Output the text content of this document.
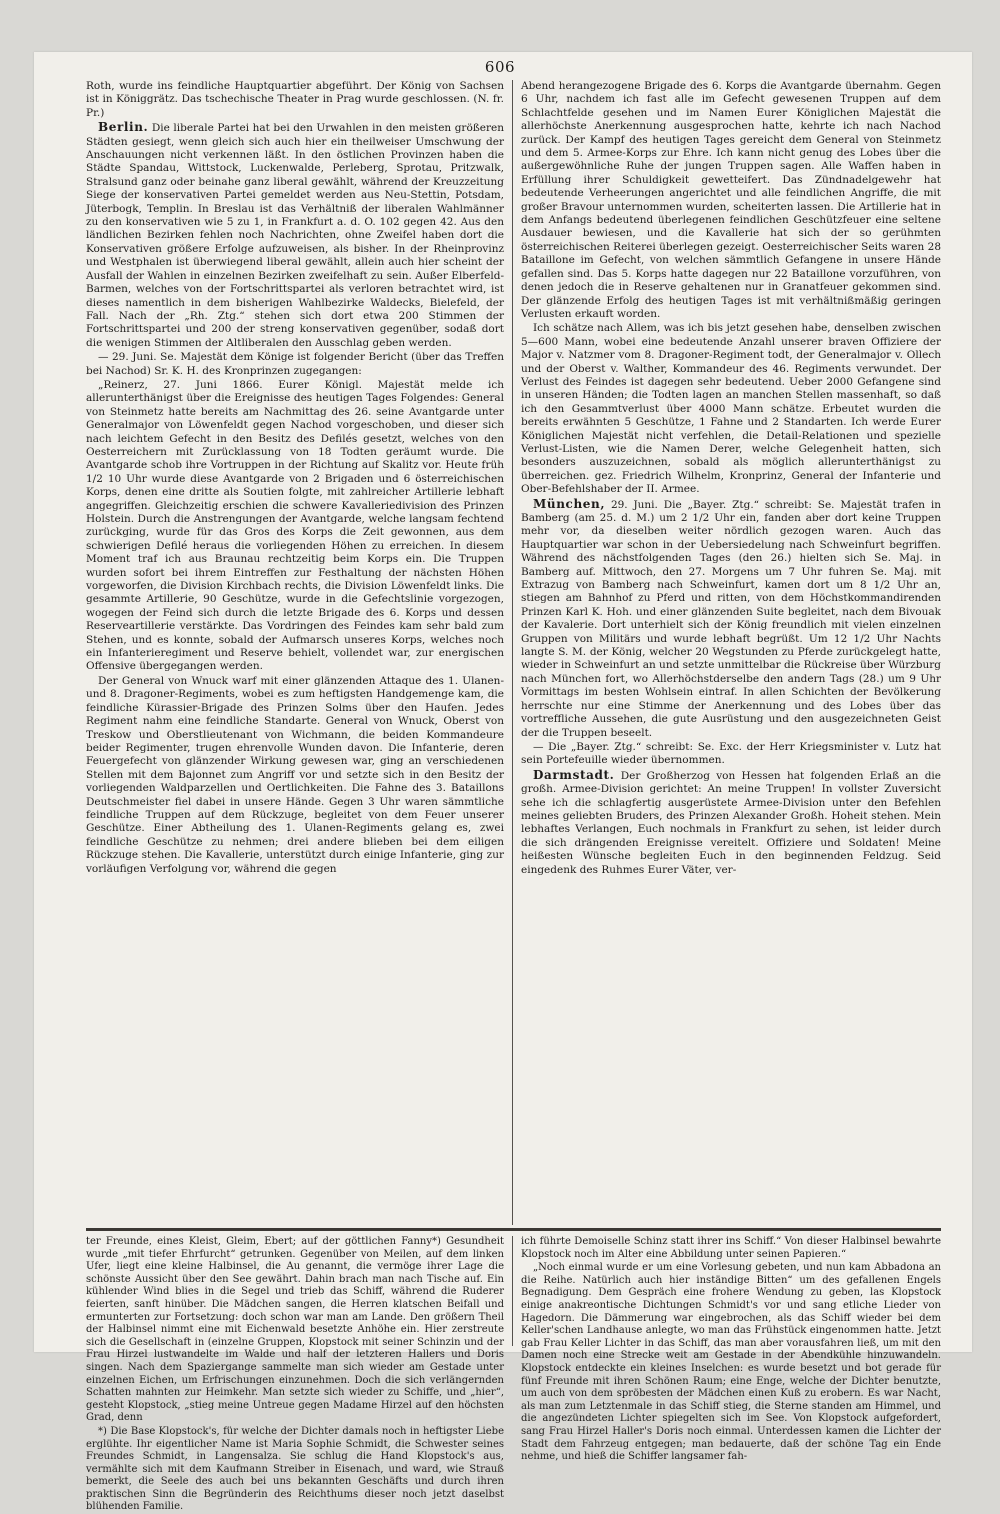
606

Roth, wurde ins feindliche Hauptquartier abgeführt. Der König von Sachsen ist in Königgrätz. Das tschechische Theater in Prag wurde geschlossen. (N. fr. Pr.)

Berlin. Die liberale Partei hat bei den Urwahlen in den meisten größeren Städten gesiegt, wenn gleich sich auch hier ein theilweiser Umschwung der Anschauungen nicht verkennen läßt. In den östlichen Provinzen haben die Städte Spandau, Wittstock, Luckenwalde, Perleberg, Sprotau, Pritzwalk, Stralsund ganz oder beinahe ganz liberal gewählt, während der Kreuzzeitung Siege der konservativen Partei gemeldet werden aus Neu-Stettin, Potsdam, Jüterbogk, Templin. In Breslau ist das Verhältniß der liberalen Wahlmänner zu den konservativen wie 5 zu 1, in Frankfurt a. d. O. 102 gegen 42. Aus den ländlichen Bezirken fehlen noch Nachrichten, ohne Zweifel haben dort die Konservativen größere Erfolge aufzuweisen, als bisher. In der Rheinprovinz und Westphalen ist überwiegend liberal gewählt, allein auch hier scheint der Ausfall der Wahlen in einzelnen Bezirken zweifelhaft zu sein. Außer Elberfeld-Barmen, welches von der Fortschrittspartei als verloren betrachtet wird, ist dieses namentlich in dem bisherigen Wahlbezirke Waldecks, Bielefeld, der Fall. Nach der „Rh. Ztg.“ stehen sich dort etwa 200 Stimmen der Fortschrittspartei und 200 der streng konservativen gegenüber, sodaß dort die wenigen Stimmen der Altliberalen den Ausschlag geben werden.

— 29. Juni. Se. Majestät dem Könige ist folgender Bericht (über das Treffen bei Nachod) Sr. K. H. des Kronprinzen zugegangen:

„Reinerz, 27. Juni 1866. Eurer Königl. Majestät melde ich allerunterthänigst über die Ereignisse des heutigen Tages Folgendes: General von Steinmetz hatte bereits am Nachmittag des 26. seine Avantgarde unter Generalmajor von Löwenfeldt gegen Nachod vorgeschoben, und dieser sich nach leichtem Gefecht in den Besitz des Defilés gesetzt, welches von den Oesterreichern mit Zurücklassung von 18 Todten geräumt wurde. Die Avantgarde schob ihre Vortruppen in der Richtung auf Skalitz vor. Heute früh 1/2 10 Uhr wurde diese Avantgarde von 2 Brigaden und 6 österreichischen Korps, denen eine dritte als Soutien folgte, mit zahlreicher Artillerie lebhaft angegriffen. Gleichzeitig erschien die schwere Kavalleriedivision des Prinzen Holstein. Durch die Anstrengungen der Avantgarde, welche langsam fechtend zurückging, wurde für das Gros des Korps die Zeit gewonnen, aus dem schwierigen Defilé heraus die vorliegenden Höhen zu erreichen. In diesem Moment traf ich aus Braunau rechtzeitig beim Korps ein. Die Truppen wurden sofort bei ihrem Eintreffen zur Festhaltung der nächsten Höhen vorgeworfen, die Division Kirchbach rechts, die Division Löwenfeldt links. Die gesammte Artillerie, 90 Geschütze, wurde in die Gefechtslinie vorgezogen, wogegen der Feind sich durch die letzte Brigade des 6. Korps und dessen Reserveartillerie verstärkte. Das Vordringen des Feindes kam sehr bald zum Stehen, und es konnte, sobald der Aufmarsch unseres Korps, welches noch ein Infanterieregiment und Reserve behielt, vollendet war, zur energischen Offensive übergegangen werden.

Der General von Wnuck warf mit einer glänzenden Attaque des 1. Ulanen- und 8. Dragoner-Regiments, wobei es zum heftigsten Handgemenge kam, die feindliche Kürassier-Brigade des Prinzen Solms über den Haufen. Jedes Regiment nahm eine feindliche Standarte. General von Wnuck, Oberst von Treskow und Oberstlieutenant von Wichmann, die beiden Kommandeure beider Regimenter, trugen ehrenvolle Wunden davon. Die Infanterie, deren Feuergefecht von glänzender Wirkung gewesen war, ging an verschiedenen Stellen mit dem Bajonnet zum Angriff vor und setzte sich in den Besitz der vorliegenden Waldparzellen und Oertlichkeiten. Die Fahne des 3. Bataillons Deutschmeister fiel dabei in unsere Hände. Gegen 3 Uhr waren sämmtliche feindliche Truppen auf dem Rückzuge, begleitet von dem Feuer unserer Geschütze. Einer Abtheilung des 1. Ulanen-Regiments gelang es, zwei feindliche Geschütze zu nehmen; drei andere blieben bei dem eiligen Rückzuge stehen. Die Kavallerie, unterstützt durch einige Infanterie, ging zur vorläufigen Verfolgung vor, während die gegen

Abend herangezogene Brigade des 6. Korps die Avantgarde übernahm. Gegen 6 Uhr, nachdem ich fast alle im Gefecht gewesenen Truppen auf dem Schlachtfelde gesehen und im Namen Eurer Königlichen Majestät die allerhöchste Anerkennung ausgesprochen hatte, kehrte ich nach Nachod zurück. Der Kampf des heutigen Tages gereicht dem General von Steinmetz und dem 5. Armee-Korps zur Ehre. Ich kann nicht genug des Lobes über die außergewöhnliche Ruhe der jungen Truppen sagen. Alle Waffen haben in Erfüllung ihrer Schuldigkeit gewetteifert. Das Zündnadelgewehr hat bedeutende Verheerungen angerichtet und alle feindlichen Angriffe, die mit großer Bravour unternommen wurden, scheiterten lassen. Die Artillerie hat in dem Anfangs bedeutend überlegenen feindlichen Geschützfeuer eine seltene Ausdauer bewiesen, und die Kavallerie hat sich der so gerühmten österreichischen Reiterei überlegen gezeigt. Oesterreichischer Seits waren 28 Bataillone im Gefecht, von welchen sämmtlich Gefangene in unsere Hände gefallen sind. Das 5. Korps hatte dagegen nur 22 Bataillone vorzuführen, von denen jedoch die in Reserve gehaltenen nur in Granatfeuer gekommen sind. Der glänzende Erfolg des heutigen Tages ist mit verhältnißmäßig geringen Verlusten erkauft worden.

Ich schätze nach Allem, was ich bis jetzt gesehen habe, denselben zwischen 5—600 Mann, wobei eine bedeutende Anzahl unserer braven Offiziere der Major v. Natzmer vom 8. Dragoner-Regiment todt, der Generalmajor v. Ollech und der Oberst v. Walther, Kommandeur des 46. Regiments verwundet. Der Verlust des Feindes ist dagegen sehr bedeutend. Ueber 2000 Gefangene sind in unseren Händen; die Todten lagen an manchen Stellen massenhaft, so daß ich den Gesammtverlust über 4000 Mann schätze. Erbeutet wurden die bereits erwähnten 5 Geschütze, 1 Fahne und 2 Standarten. Ich werde Eurer Königlichen Majestät nicht verfehlen, die Detail-Relationen und spezielle Verlust-Listen, wie die Namen Derer, welche Gelegenheit hatten, sich besonders auszuzeichnen, sobald als möglich allerunterthänigst zu überreichen. gez. Friedrich Wilhelm, Kronprinz, General der Infanterie und Ober-Befehlshaber der II. Armee.

München, 29. Juni. Die „Bayer. Ztg.“ schreibt: Se. Majestät trafen in Bamberg (am 25. d. M.) um 2 1/2 Uhr ein, fanden aber dort keine Truppen mehr vor, da dieselben weiter nördlich gezogen waren. Auch das Hauptquartier war schon in der Uebersiedelung nach Schweinfurt begriffen. Während des nächstfolgenden Tages (den 26.) hielten sich Se. Maj. in Bamberg auf. Mittwoch, den 27. Morgens um 7 Uhr fuhren Se. Maj. mit Extrazug von Bamberg nach Schweinfurt, kamen dort um 8 1/2 Uhr an, stiegen am Bahnhof zu Pferd und ritten, von dem Höchstkommandirenden Prinzen Karl K. Hoh. und einer glänzenden Suite begleitet, nach dem Bivouak der Kavalerie. Dort unterhielt sich der König freundlich mit vielen einzelnen Gruppen von Militärs und wurde lebhaft begrüßt. Um 12 1/2 Uhr Nachts langte S. M. der König, welcher 20 Wegstunden zu Pferde zurückgelegt hatte, wieder in Schweinfurt an und setzte unmittelbar die Rückreise über Würzburg nach München fort, wo Allerhöchstderselbe den andern Tags (28.) um 9 Uhr Vormittags im besten Wohlsein eintraf. In allen Schichten der Bevölkerung herrschte nur eine Stimme der Anerkennung und des Lobes über das vortreffliche Aussehen, die gute Ausrüstung und den ausgezeichneten Geist der die Truppen beseelt.

— Die „Bayer. Ztg.“ schreibt: Se. Exc. der Herr Kriegsminister v. Lutz hat sein Portefeuille wieder übernommen.

Darmstadt. Der Großherzog von Hessen hat folgenden Erlaß an die großh. Armee-Division gerichtet: An meine Truppen! In vollster Zuversicht sehe ich die schlagfertig ausgerüstete Armee-Division unter den Befehlen meines geliebten Bruders, des Prinzen Alexander Großh. Hoheit stehen. Mein lebhaftes Verlangen, Euch nochmals in Frankfurt zu sehen, ist leider durch die sich drängenden Ereignisse vereitelt. Offiziere und Soldaten! Meine heißesten Wünsche begleiten Euch in den beginnenden Feldzug. Seid eingedenk des Ruhmes Eurer Väter, ver-

ter Freunde, eines Kleist, Gleim, Ebert; auf der göttlichen Fanny*) Gesundheit wurde „mit tiefer Ehrfurcht“ getrunken. Gegenüber von Meilen, auf dem linken Ufer, liegt eine kleine Halbinsel, die Au genannt, die vermöge ihrer Lage die schönste Aussicht über den See gewährt. Dahin brach man nach Tische auf. Ein kühlender Wind blies in die Segel und trieb das Schiff, während die Ruderer feierten, sanft hinüber. Die Mädchen sangen, die Herren klatschen Beifall und ermunterten zur Fortsetzung: doch schon war man am Lande. Den größern Theil der Halbinsel nimmt eine mit Eichenwald besetzte Anhöhe ein. Hier zerstreute sich die Gesellschaft in (einzelne Gruppen, Klopstock mit seiner Schinzin und der Frau Hirzel lustwandelte im Walde und half der letzteren Hallers und Doris singen. Nach dem Spaziergange sammelte man sich wieder am Gestade unter einzelnen Eichen, um Erfrischungen einzunehmen. Doch die sich verlängernden Schatten mahnten zur Heimkehr. Man setzte sich wieder zu Schiffe, und „hier“, gesteht Klopstock, „stieg meine Untreue gegen Madame Hirzel auf den höchsten Grad, denn

*) Die Base Klopstock's, für welche der Dichter damals noch in heftigster Liebe erglühte. Ihr eigentlicher Name ist Maria Sophie Schmidt, die Schwester seines Freundes Schmidt, in Langensalza. Sie schlug die Hand Klopstock's aus, vermählte sich mit dem Kaufmann Streiber in Eisenach, und ward, wie Strauß bemerkt, die Seele des auch bei uns bekannten Geschäfts und durch ihren praktischen Sinn die Begründerin des Reichthums dieser noch jetzt daselbst blühenden Familie.

ich führte Demoiselle Schinz statt ihrer ins Schiff.“ Von dieser Halbinsel bewahrte Klopstock noch im Alter eine Abbildung unter seinen Papieren.“

„Noch einmal wurde er um eine Vorlesung gebeten, und nun kam Abbadona an die Reihe. Natürlich auch hier inständige Bitten“ um des gefallenen Engels Begnadigung. Dem Gespräch eine frohere Wendung zu geben, las Klopstock einige anakreontische Dichtungen Schmidt's vor und sang etliche Lieder von Hagedorn. Die Dämmerung war eingebrochen, als das Schiff wieder bei dem Keller'schen Landhause anlegte, wo man das Frühstück eingenommen hatte. Jetzt gab Frau Keller Lichter in das Schiff, das man aber vorausfahren ließ, um mit den Damen noch eine Strecke weit am Gestade in der Abendkühle hinzuwandeln. Klopstock entdeckte ein kleines Inselchen: es wurde besetzt und bot gerade für fünf Freunde mit ihren Schönen Raum; eine Enge, welche der Dichter benutzte, um auch von dem spröbesten der Mädchen einen Kuß zu erobern. Es war Nacht, als man zum Letztenmale in das Schiff stieg, die Sterne standen am Himmel, und die angezündeten Lichter spiegelten sich im See. Von Klopstock aufgefordert, sang Frau Hirzel Haller's Doris noch einmal. Unterdessen kamen die Lichter der Stadt dem Fahrzeug entgegen; man bedauerte, daß der schöne Tag ein Ende nehme, und hieß die Schiffer langsamer fah-
